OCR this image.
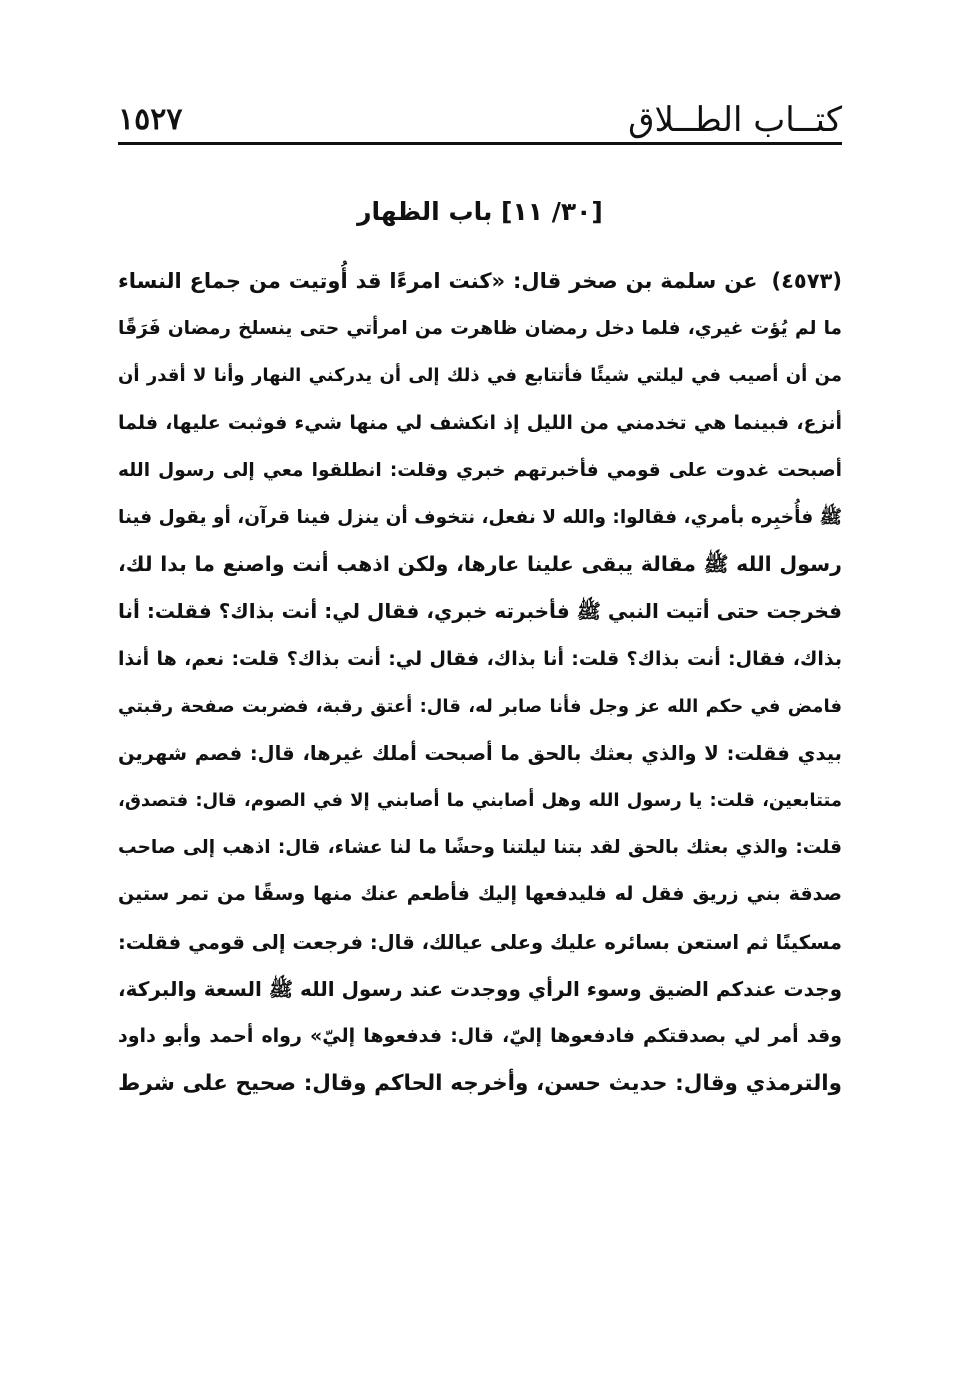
١٥٢٧	كتــاب الطــلاق
[٣٠/ ١١] باب الظهار
(٤٥٧٣)عن سلمة بن صخر قال: «كنت امرءًا قد أُوتيت من جماع النساء
ما لم يُؤت غيري، فلما دخل رمضان ظاهرت من امرأتي حتى ينسلخ رمضان فَرَقًا
من أن أصيب في ليلتي شيئًا فأتتابع في ذلك إلى أن يدركني النهار وأنا لا أقدر أن
أنزع، فبينما هي تخدمني من الليل إذ انكشف لي منها شيء فوثبت عليها، فلما
أصبحت غدوت على قومي فأخبرتهم خبري وقلت: انطلقوا معي إلى رسول الله
ﷺ فأُخبِره بأمري، فقالوا: والله لا نفعل، نتخوف أن ينزل فينا قرآن، أو يقول فينا
رسول الله ﷺ مقالة يبقى علينا عارها، ولكن اذهب أنت واصنع ما بدا لك،
فخرجت حتى أتيت النبي ﷺ فأخبرته خبري، فقال لي: أنت بذاك؟ فقلت: أنا
بذاك، فقال: أنت بذاك؟ قلت: أنا بذاك، فقال لي: أنت بذاك؟ قلت: نعم، ها أنذا
فامض في حكم الله عز وجل فأنا صابر له، قال: أعتق رقبة، فضربت صفحة رقبتي
بيدي فقلت: لا والذي بعثك بالحق ما أصبحت أملك غيرها، قال: فصم شهرين
متتابعين، قلت: يا رسول الله وهل أصابني ما أصابني إلا في الصوم، قال: فتصدق،
قلت: والذي بعثك بالحق لقد بتنا ليلتنا وحشًا ما لنا عشاء، قال: اذهب إلى صاحب
صدقة بني زريق فقل له فليدفعها إليك فأطعم عنك منها وسقًا من تمر ستين
مسكينًا ثم استعن بسائره عليك وعلى عيالك، قال: فرجعت إلى قومي فقلت:
وجدت عندكم الضيق وسوء الرأي ووجدت عند رسول الله ﷺ السعة والبركة،
وقد أمر لي بصدقتكم فادفعوها إليّ، قال: فدفعوها إليّ» رواه أحمد وأبو داود
والترمذي وقال: حديث حسن، وأخرجه الحاكم وقال: صحيح على شرط
